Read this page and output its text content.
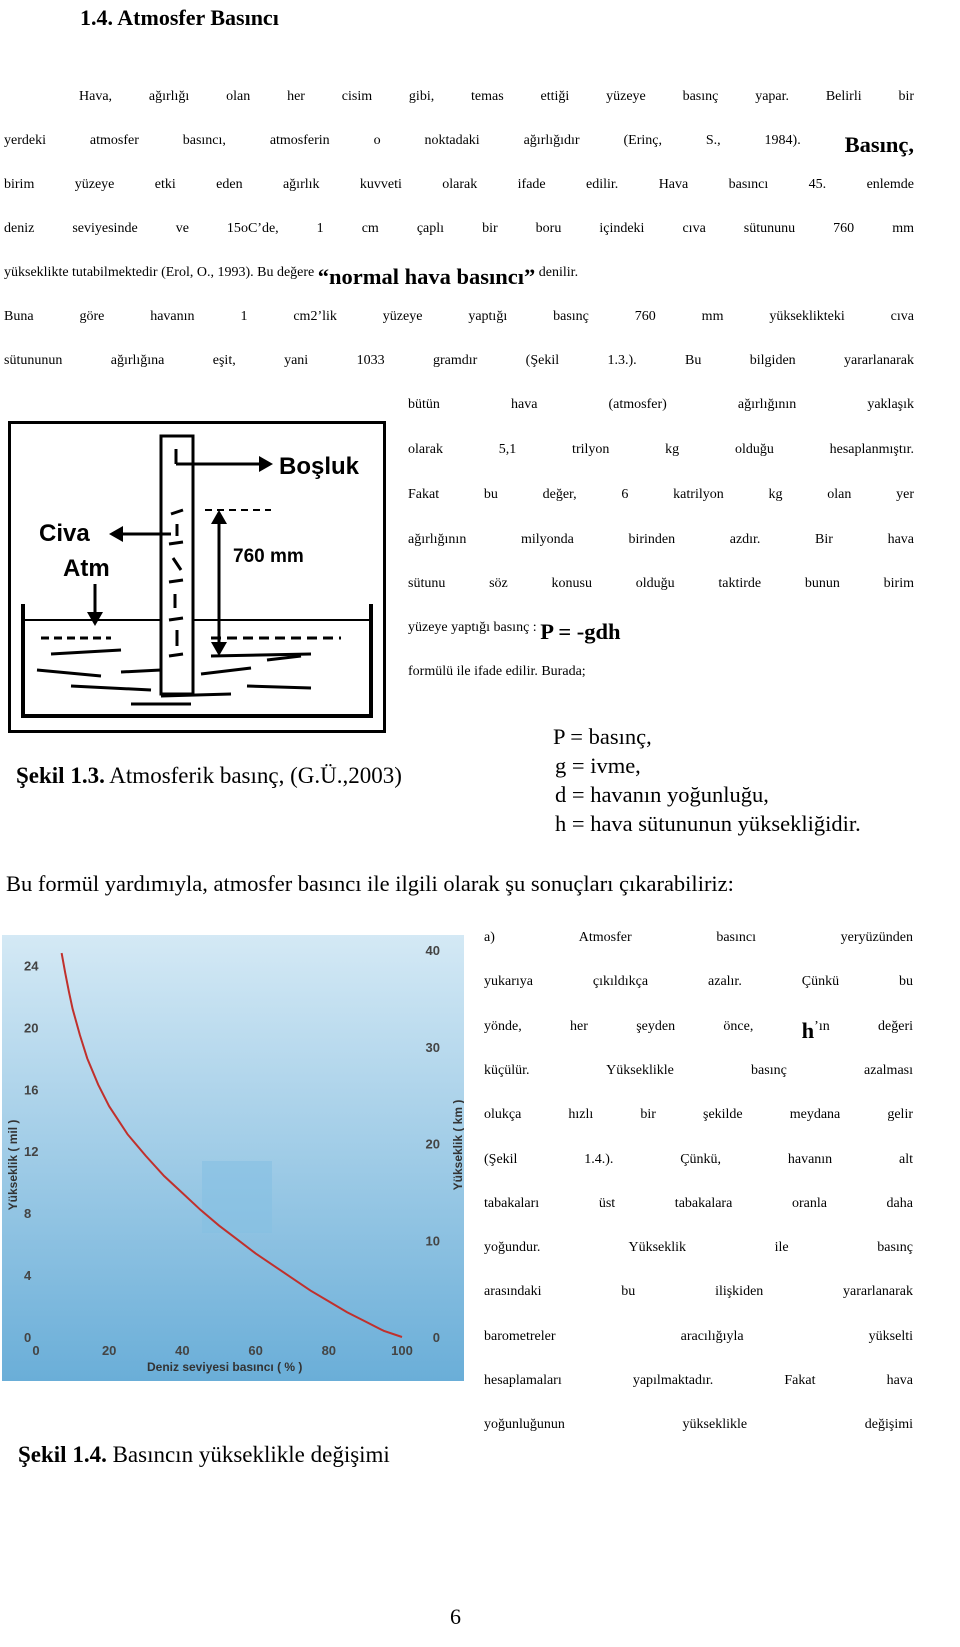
1.4. Atmosfer Basıncı
$^{Hava, ağırlığı olan her cisim gibi, temas ettiği yüzeye basınç yapar. Belirli bir}$
$^{yerdeki atmosfer basıncı, atmosferin o noktadaki ağırlığıdır (Erinç, S., 1984).}$ Basınç,
$^{birim yüzeye etki eden ağırlık kuvveti olarak ifade edilir. Hava basıncı 45. enlemde}$
$^{deniz seviyesinde ve 15oC’de, 1 cm çaplı bir boru içindeki cıva sütununu 760 mm}$
$^{yükseklikte tutabilmektedir (Erol, O., 1993). Bu değere}$ “normal hava basıncı” $^{denilir.}$
$^{Buna göre havanın 1 cm2’lik yüzeye yaptığı basınç 760 mm yükseklikteki cıva}$
$^{sütununun ağırlığına eşit, yani 1033 gramdır (Şekil 1.3.). Bu bilgiden yararlanarak}$
Boşluk
Civa
Atm	760 mm
$^{bütün hava (atmosfer) ağırlığının yaklaşık}$
$^{olarak 5,1 trilyon kg olduğu hesaplanmıştır.}$
$^{Fakat bu değer, 6 katrilyon kg olan yer}$
$^{ağırlığının milyonda birinden azdır. Bir hava}$
$^{sütunu söz konusu olduğu taktirde bunun birim}$
$^{yüzeye yaptığı basınç :}$ P = -gdh
$^{formülü ile ifade edilir. Burada;}$
Şekil 1.3. Atmosferik basınç, (G.Ü.,2003)
P = basınç,
g = ivme,
d = havanın yoğunluğu,
h = hava sütununun yüksekliğidir.
Bu formül yardımıyla, atmosfer basıncı ile ilgili olarak şu sonuçları çıkarabiliriz:
0
4
8
12
16
20
24
0
10
20
30
40
0	20	40	60	80	100
Deniz seviyesi basıncı ( % )
Yükseklik ( mil )	Yükseklik ( km )
$^{a) Atmosfer basıncı yeryüzünden}$
$^{yukarıya çıkıldıkça azalır. Çünkü bu}$
$^{yönde, her şeyden önce,}$ $h^{’ın değeri}$
$^{küçülür. Yükseklikle basınç azalması}$
$^{olukça hızlı bir şekilde meydana gelir}$
$^{(Şekil 1.4.). Çünkü, havanın alt}$
$^{tabakaları üst tabakalara oranla daha}$
$^{yoğundur. Yükseklik ile basınç}$
$^{arasındaki bu ilişkiden yararlanarak}$
$^{barometreler aracılığıyla yükselti}$
$^{hesaplamaları yapılmaktadır. Fakat hava}$
$^{yoğunluğunun yükseklikle değişimi}$
Şekil 1.4. Basıncın yükseklikle değişimi
6
